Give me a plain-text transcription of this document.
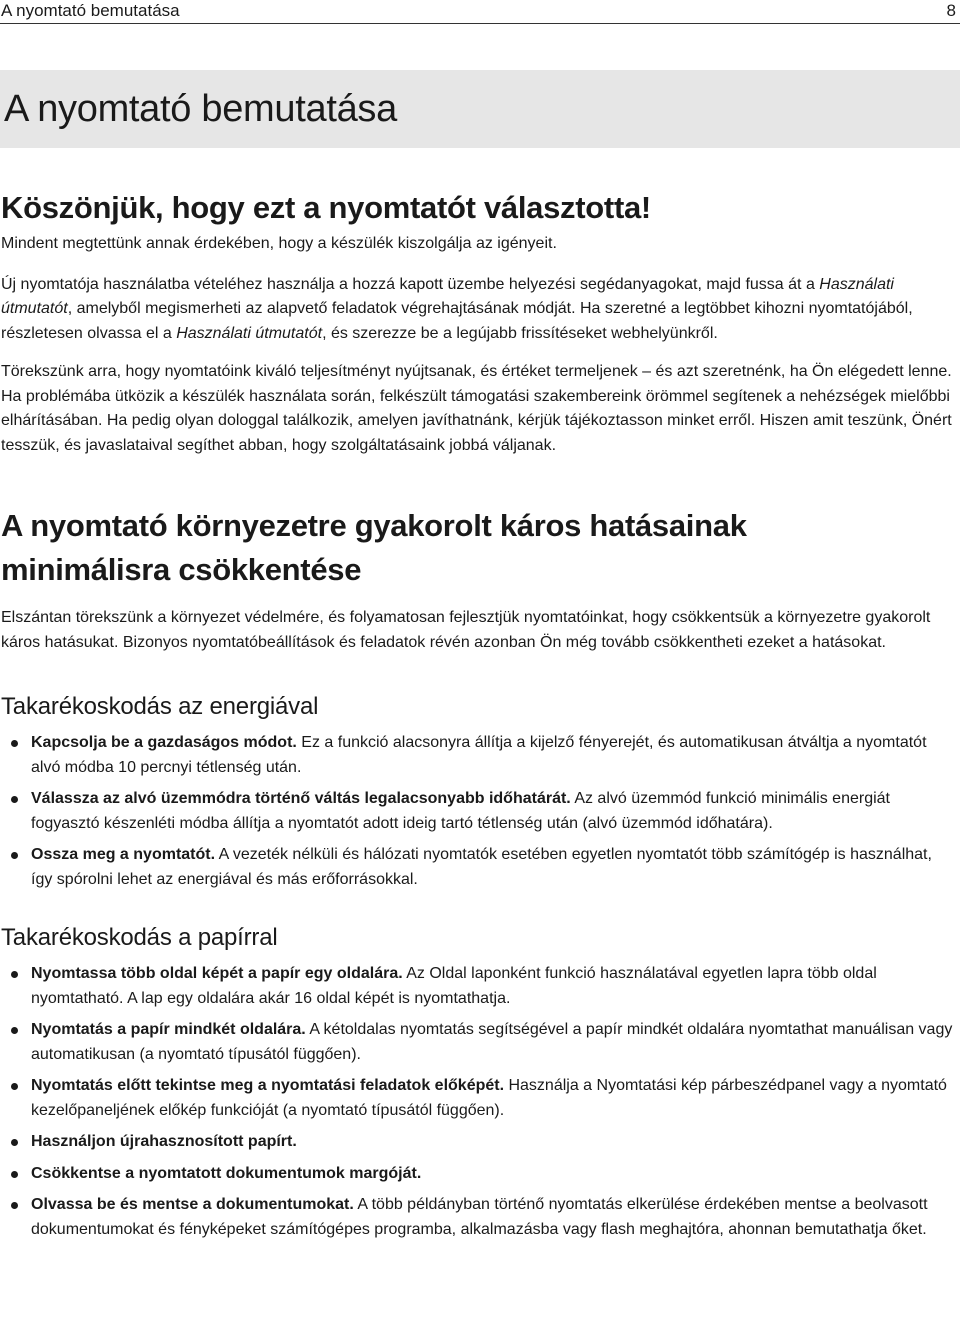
A nyomtató bemutatása	8
A nyomtató bemutatása
Köszönjük, hogy ezt a nyomtatót választotta!

Mindent megtettünk annak érdekében, hogy a készülék kiszolgálja az igényeit.

Új nyomtatója használatba vételéhez használja a hozzá kapott üzembe helyezési segédanyagokat, majd fussa át a Használati útmutatót, amelyből megismerheti az alapvető feladatok végrehajtásának módját. Ha szeretné a legtöbbet kihozni nyomtatójából, részletesen olvassa el a Használati útmutatót, és szerezze be a legújabb frissítéseket webhelyünkről.

Törekszünk arra, hogy nyomtatóink kiváló teljesítményt nyújtsanak, és értéket termeljenek – és azt szeretnénk, ha Ön elégedett lenne. Ha problémába ütközik a készülék használata során, felkészült támogatási szakembereink örömmel segítenek a nehézségek mielőbbi elhárításában. Ha pedig olyan dologgal találkozik, amelyen javíthatnánk, kérjük tájékoztasson minket erről. Hiszen amit teszünk, Önért tesszük, és javaslataival segíthet abban, hogy szolgáltatásaink jobbá váljanak.

A nyomtató környezetre gyakorolt káros hatásainak
minimálisra csökkentése

Elszántan törekszünk a környezet védelmére, és folyamatosan fejlesztjük nyomtatóinkat, hogy csökkentsük a környezetre gyakorolt káros hatásukat. Bizonyos nyomtatóbeállítások és feladatok révén azonban Ön még tovább csökkentheti ezeket a hatásokat.

Takarékoskodás az energiával
Kapcsolja be a gazdaságos módot. Ez a funkció alacsonyra állítja a kijelző fényerejét, és automatikusan átváltja a nyomtatót alvó módba 10 percnyi tétlenség után.
Válassza az alvó üzemmódra történő váltás legalacsonyabb időhatárát. Az alvó üzemmód funkció minimális energiát fogyasztó készenléti módba állítja a nyomtatót adott ideig tartó tétlenség után (alvó üzemmód időhatára).
Ossza meg a nyomtatót. A vezeték nélküli és hálózati nyomtatók esetében egyetlen nyomtatót több számítógép is használhat, így spórolni lehet az energiával és más erőforrásokkal.
Takarékoskodás a papírral
Nyomtassa több oldal képét a papír egy oldalára. Az Oldal laponként funkció használatával egyetlen lapra több oldal nyomtatható. A lap egy oldalára akár 16 oldal képét is nyomtathatja.
Nyomtatás a papír mindkét oldalára. A kétoldalas nyomtatás segítségével a papír mindkét oldalára nyomtathat manuálisan vagy automatikusan (a nyomtató típusától függően).
Nyomtatás előtt tekintse meg a nyomtatási feladatok előképét. Használja a Nyomtatási kép párbeszédpanel vagy a nyomtató kezelőpaneljének előkép funkcióját (a nyomtató típusától függően).
Használjon újrahasznosított papírt.
Csökkentse a nyomtatott dokumentumok margóját.
Olvassa be és mentse a dokumentumokat. A több példányban történő nyomtatás elkerülése érdekében mentse a beolvasott dokumentumokat és fényképeket számítógépes programba, alkalmazásba vagy flash meghajtóra, ahonnan bemutathatja őket.
